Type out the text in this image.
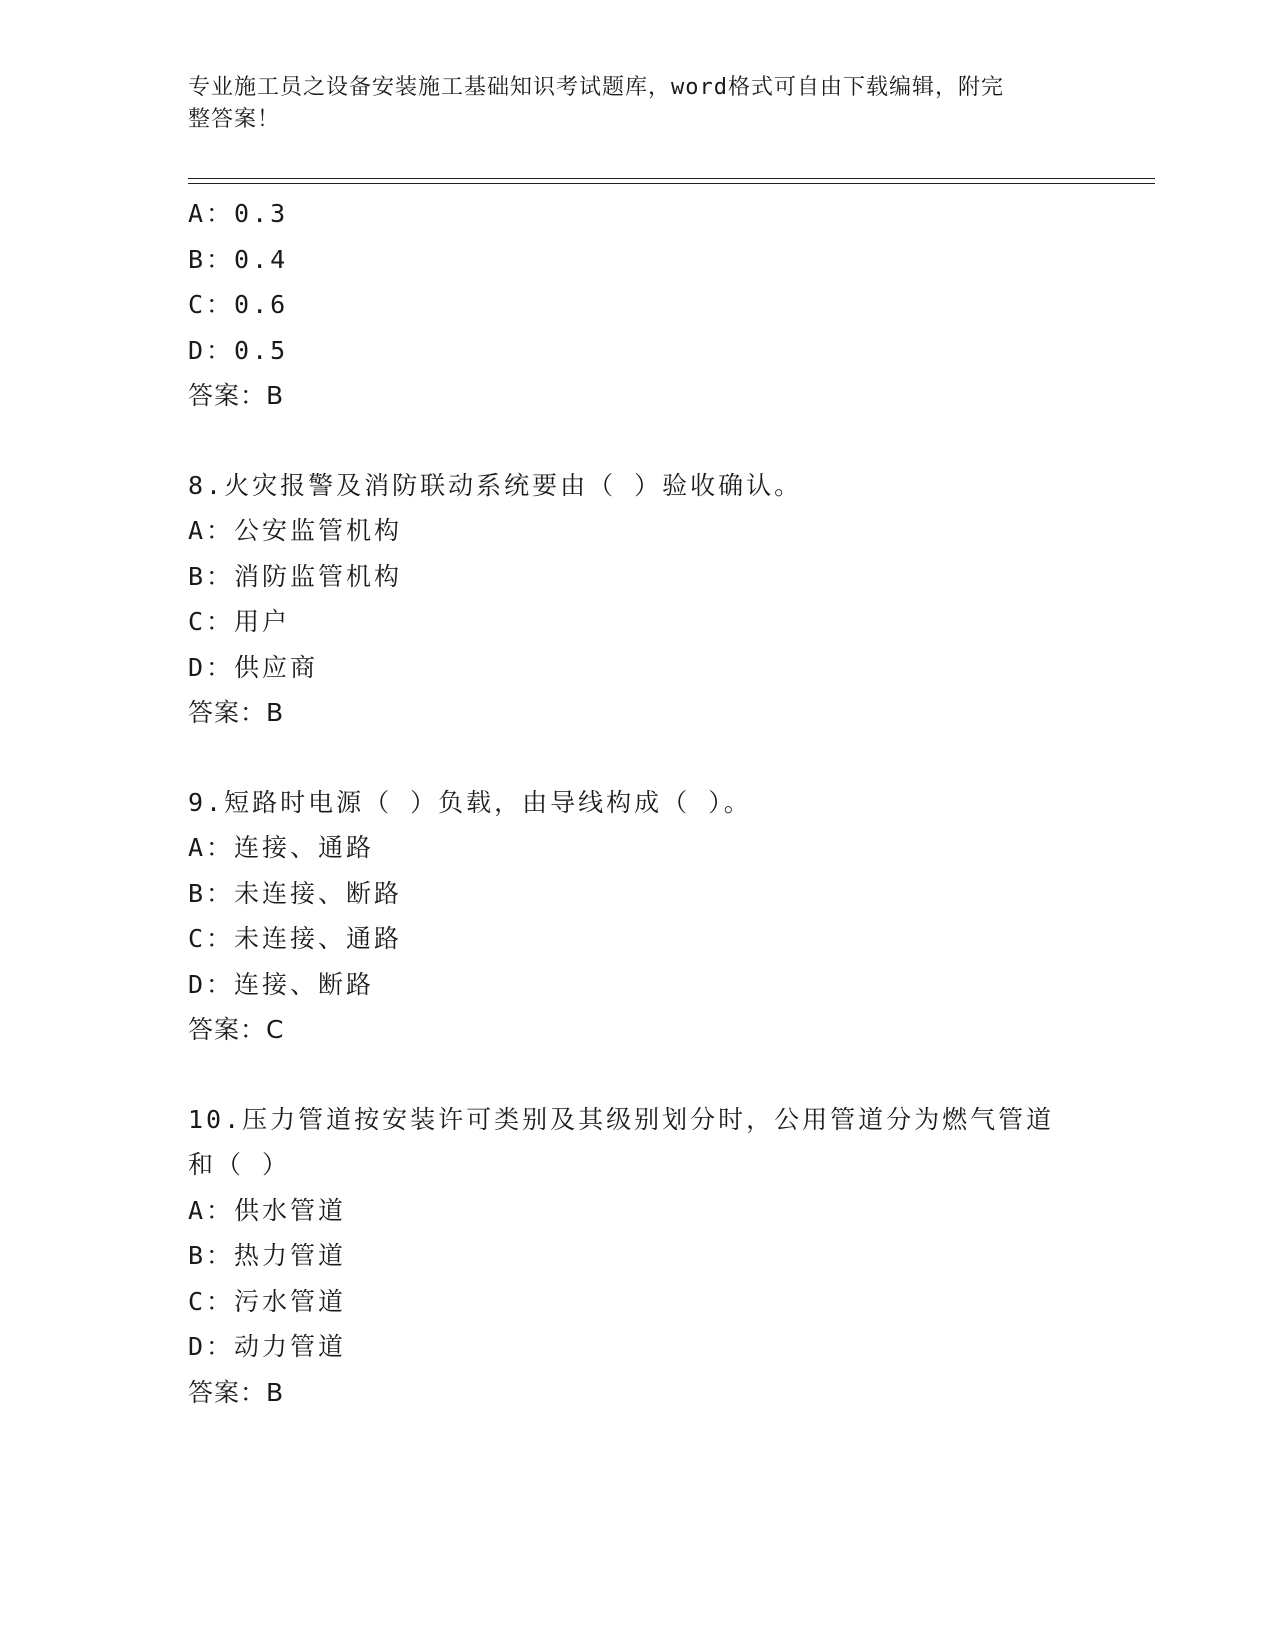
专业施工员之设备安装施工基础知识考试题库，word格式可自由下载编辑，附完
整答案！
A：0.3
B：0.4
C：0.6
D：0.5
答案：B
8.火灾报警及消防联动系统要由（ ）验收确认。
A：公安监管机构
B：消防监管机构
C：用户
D：供应商
答案：B
9.短路时电源（ ）负载，由导线构成（ ）。
A：连接、通路
B：未连接、断路
C：未连接、通路
D：连接、断路
答案：C
10.压力管道按安装许可类别及其级别划分时，公用管道分为燃气管道
和（ ）
A：供水管道
B：热力管道
C：污水管道
D：动力管道
答案：B
